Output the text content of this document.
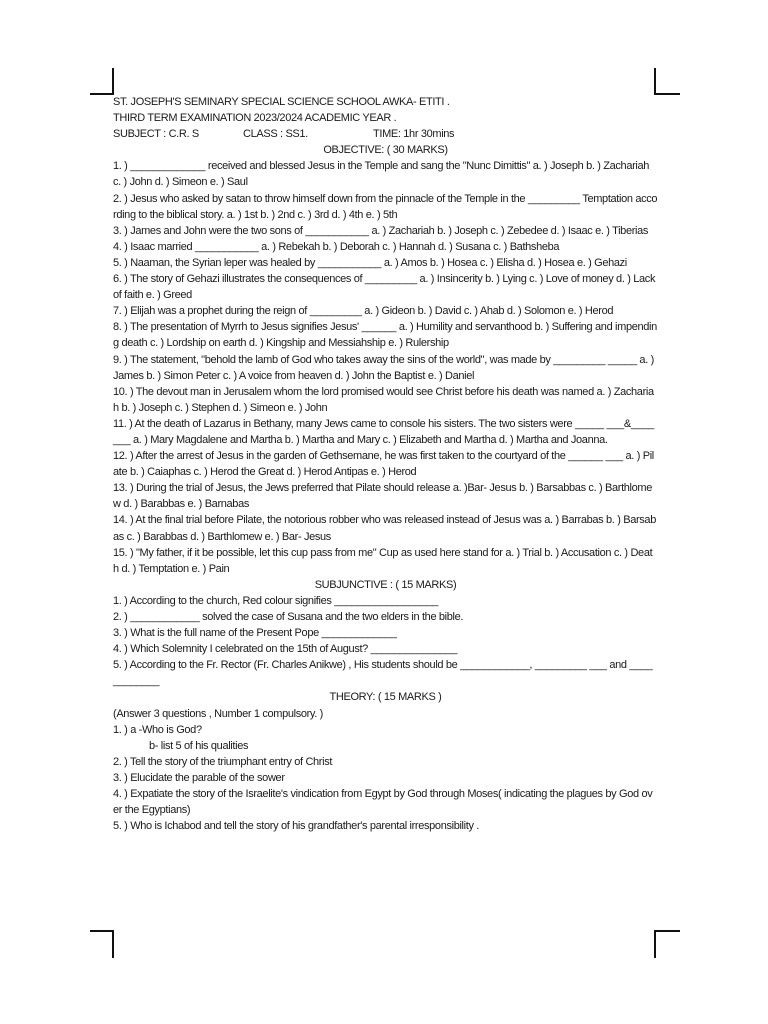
ST. JOSEPH'S SEMINARY SPECIAL SCIENCE SCHOOL AWKA- ETITI .

THIRD TERM EXAMINATION 2023/2024 ACADEMIC YEAR .

SUBJECT : C.R. S	CLASS : SS1.	TIME: 1hr 30mins

OBJECTIVE: ( 30 MARKS)

1. ) _____________ received and blessed Jesus in the Temple and sang the "Nunc Dimittis" a. ) Joseph b. ) Zachariah c. ) John d. ) Simeon e. ) Saul

2. ) Jesus who asked by satan to throw himself down from the pinnacle of the Temple in the _________ Temptation according to the biblical story. a. ) 1st b. ) 2nd c. ) 3rd d. ) 4th e. ) 5th

3. ) James and John were the two sons of ___________ a. ) Zachariah b. ) Joseph c. ) Zebedee d. ) Isaac e. ) Tiberias

4. ) Isaac married ___________ a. ) Rebekah b. ) Deborah c. ) Hannah d. ) Susana c. ) Bathsheba

5. ) Naaman, the Syrian leper was healed by ___________ a. ) Amos b. ) Hosea c. ) Elisha d. ) Hosea e. ) Gehazi

6. ) The story of Gehazi illustrates the consequences of _________ a. ) Insincerity b. ) Lying c. ) Love of money d. ) Lack of faith e. ) Greed

7. ) Elijah was a prophet during the reign of _________ a. ) Gideon b. ) David c. ) Ahab d. ) Solomon e. ) Herod

8. ) The presentation of Myrrh to Jesus signifies Jesus' ______ a. ) Humility and servanthood b. ) Suffering and impending death c. ) Lordship on earth d. ) Kingship and Messiahship e. ) Rulership

9. ) The statement, "behold the lamb of God who takes away the sins of the world", was made by _________ _____ a. ) James b. ) Simon Peter c. ) A voice from heaven d. ) John the Baptist e. ) Daniel

10. ) The devout man in Jerusalem whom the lord promised would see Christ before his death was named a. ) Zachariah b. ) Joseph c. ) Stephen d. ) Simeon e. ) John

11. ) At the death of Lazarus in Bethany, many Jews came to console his sisters. The two sisters were _____ ___&_______ a. ) Mary Magdalene and Martha b. ) Martha and Mary c. ) Elizabeth and Martha d. ) Martha and Joanna.

12. ) After the arrest of Jesus in the garden of Gethsemane, he was first taken to the courtyard of the ______ ___ a. ) Pilate b. ) Caiaphas c. ) Herod the Great d. ) Herod Antipas e. ) Herod

13. ) During the trial of Jesus, the Jews preferred that Pilate should release a. )Bar- Jesus b. ) Barsabbas c. ) Barthlomew d. ) Barabbas e. ) Barnabas

14. ) At the final trial before Pilate, the notorious robber who was released instead of Jesus was a. ) Barrabas b. ) Barsabas c. ) Barabbas d. ) Barthlomew e. ) Bar- Jesus

15. ) "My father, if it be possible, let this cup pass from me" Cup as used here stand for a. ) Trial b. ) Accusation c. ) Death d. ) Temptation e. ) Pain

SUBJUNCTIVE : ( 15 MARKS)

1. ) According to the church, Red colour signifies __________________

2. ) ____________ solved the case of Susana and the two elders in the bible.

3. ) What is the full name of the Present Pope _____________

4. ) Which Solemnity I celebrated on the 15th of August? _______________

5. ) According to the Fr. Rector (Fr. Charles Anikwe) , His students should be ____________, _________ ___ and ____________

THEORY: ( 15 MARKS )

(Answer 3 questions , Number 1 compulsory. )

1. ) a -Who is God?

b- list 5 of his qualities

2. ) Tell the story of the triumphant entry of Christ

3. ) Elucidate the parable of the sower

4. ) Expatiate the story of the Israelite's vindication from Egypt by God through Moses( indicating the plagues by God over the Egyptians)

5. ) Who is Ichabod and tell the story of his grandfather's parental irresponsibility .
